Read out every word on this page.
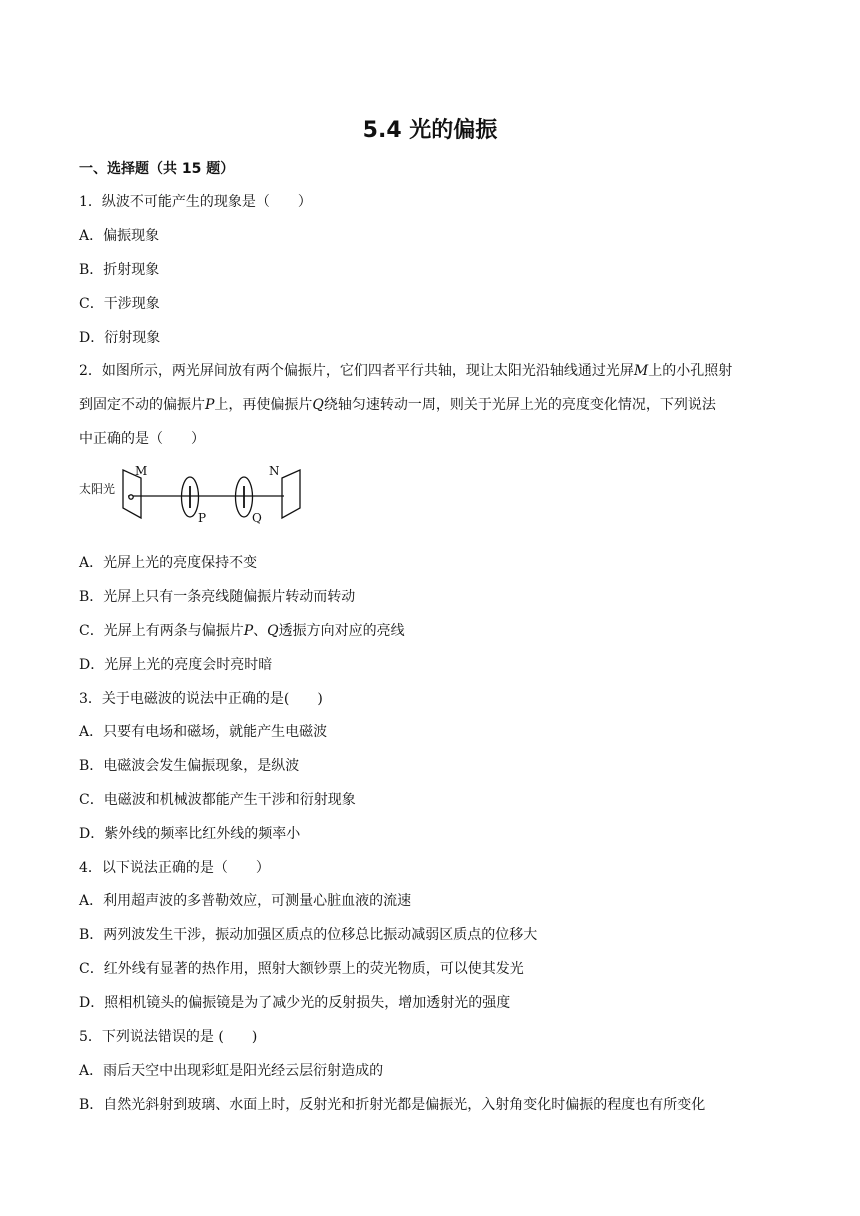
5.4 光的偏振
一、选择题（共 15 题）
1．纵波不可能产生的现象是（　　）
A．偏振现象
B．折射现象
C．干涉现象
D．衍射现象
2．如图所示，两光屏间放有两个偏振片，它们四者平行共轴，现让太阳光沿轴线通过光屏M上的小孔照射
到固定不动的偏振片P上，再使偏振片Q绕轴匀速转动一周，则关于光屏上光的亮度变化情况，下列说法
中正确的是（　　）
太阳光
M
P	Q
N
A．光屏上光的亮度保持不变
B．光屏上只有一条亮线随偏振片转动而转动
C．光屏上有两条与偏振片P、Q透振方向对应的亮线
D．光屏上光的亮度会时亮时暗
3．关于电磁波的说法中正确的是(　　)
A．只要有电场和磁场，就能产生电磁波
B．电磁波会发生偏振现象，是纵波
C．电磁波和机械波都能产生干涉和衍射现象
D．紫外线的频率比红外线的频率小
4．以下说法正确的是（　　）
A．利用超声波的多普勒效应，可测量心脏血液的流速
B．两列波发生干涉，振动加强区质点的位移总比振动减弱区质点的位移大
C．红外线有显著的热作用，照射大额钞票上的荧光物质，可以使其发光
D．照相机镜头的偏振镜是为了减少光的反射损失，增加透射光的强度
5．下列说法错误的是 (　　)
A．雨后天空中出现彩虹是阳光经云层衍射造成的
B．自然光斜射到玻璃、水面上时，反射光和折射光都是偏振光，入射角变化时偏振的程度也有所变化
